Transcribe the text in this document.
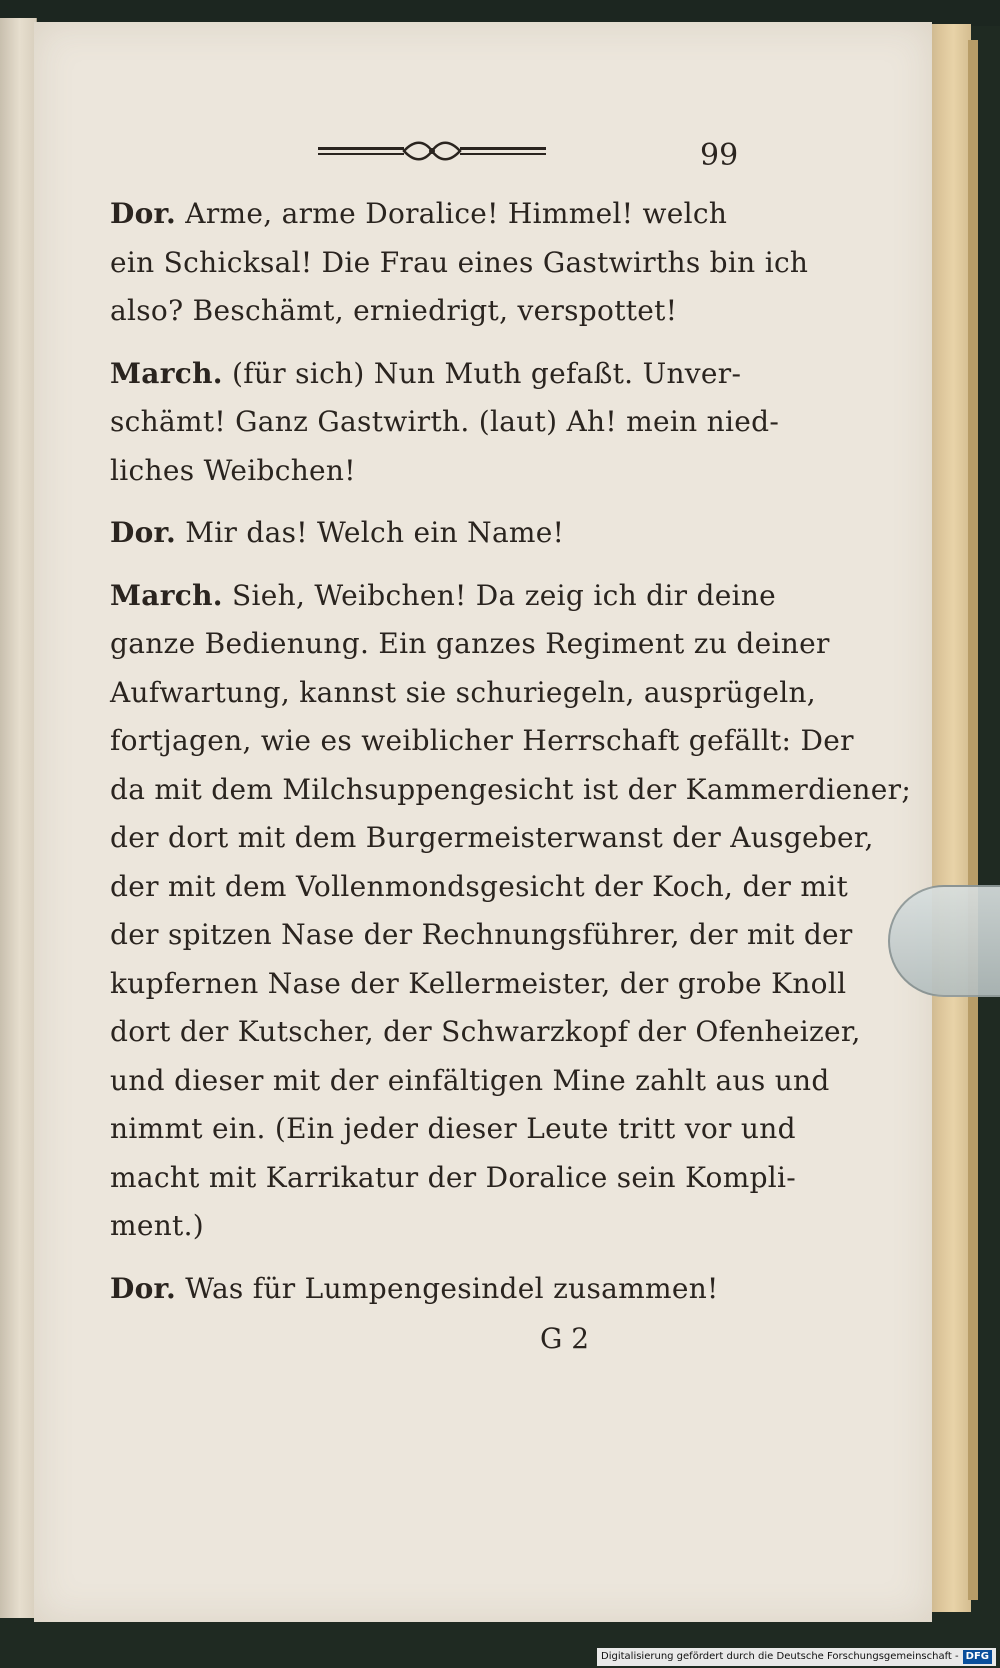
99
Dor. Arme, arme Doralice! Himmel! welch
ein Schicksal! Die Frau eines Gastwirths bin ich
also? Beschämt, erniedrigt, verspottet!
March. (für sich) Nun Muth gefaßt. Unver-
schämt! Ganz Gastwirth. (laut) Ah! mein nied-
liches Weibchen!
Dor. Mir das! Welch ein Name!
March. Sieh, Weibchen! Da zeig ich dir deine
ganze Bedienung. Ein ganzes Regiment zu deiner
Aufwartung, kannst sie schuriegeln, ausprügeln,
fortjagen, wie es weiblicher Herrschaft gefällt: Der
da mit dem Milchsuppengesicht ist der Kammerdiener;
der dort mit dem Burgermeisterwanst der Ausgeber,
der mit dem Vollenmondsgesicht der Koch, der mit
der spitzen Nase der Rechnungsführer, der mit der
kupfernen Nase der Kellermeister, der grobe Knoll
dort der Kutscher, der Schwarzkopf der Ofenheizer,
und dieser mit der einfältigen Mine zahlt aus und
nimmt ein. (Ein jeder dieser Leute tritt vor und
macht mit Karrikatur der Doralice sein Kompli-
ment.)
Dor. Was für Lumpengesindel zusammen!
G 2
Digitalisierung gefördert durch die Deutsche Forschungsgemeinschaft - DFG
